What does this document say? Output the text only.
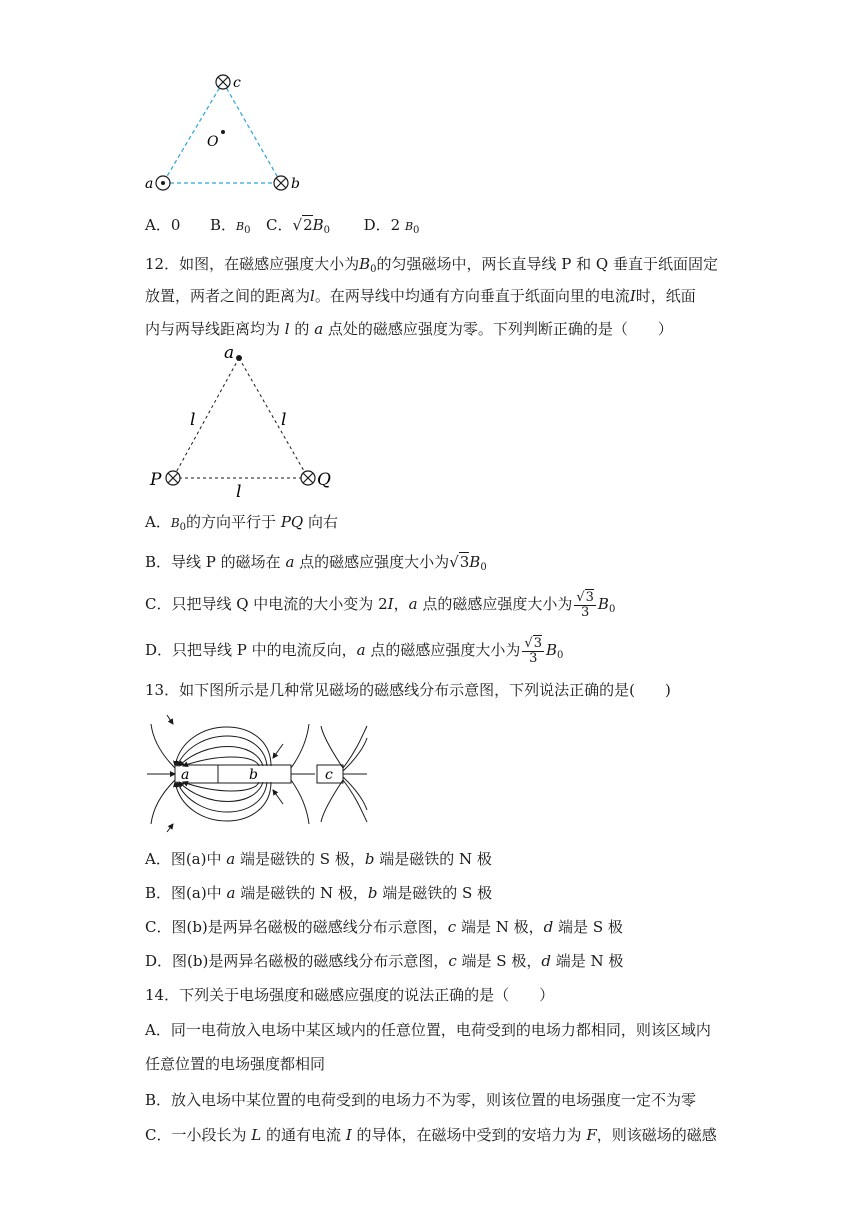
c
O
a	b
A．0 B．$B_0$ C．$√2B_0$ D．2 $B_0$
12．如图，在磁感应强度大小为$B_0$的匀强磁场中，两长直导线 P 和 Q 垂直于纸面固定
放置，两者之间的距离为l。在两导线中均通有方向垂直于纸面向里的电流I时，纸面
内与两导线距离均为 l 的 a 点处的磁感应强度为零。下列判断正确的是（　　）
a
l	l
l
P	Q
A．$B_0$的方向平行于 PQ 向右
B．导线 P 的磁场在 a 点的磁感应强度大小为$√3B_0$
C．只把导线 Q 中电流的大小变为 2I，a 点的磁感应强度大小为 $\frac{√3}{3} B_0$
D．只把导线 P 中的电流反向，a 点的磁感应强度大小为 $\frac{√3}{3} B_0$
13．如下图所示是几种常见磁场的磁感线分布示意图，下列说法正确的是(　　)
a	b	c
A．图(a)中 a 端是磁铁的 S 极，b 端是磁铁的 N 极
B．图(a)中 a 端是磁铁的 N 极，b 端是磁铁的 S 极
C．图(b)是两异名磁极的磁感线分布示意图，c 端是 N 极，d 端是 S 极
D．图(b)是两异名磁极的磁感线分布示意图，c 端是 S 极，d 端是 N 极
14．下列关于电场强度和磁感应强度的说法正确的是（　　）
A．同一电荷放入电场中某区域内的任意位置，电荷受到的电场力都相同，则该区域内
任意位置的电场强度都相同
B．放入电场中某位置的电荷受到的电场力不为零，则该位置的电场强度一定不为零
C．一小段长为 L 的通有电流 I 的导体，在磁场中受到的安培力为 F，则该磁场的磁感
